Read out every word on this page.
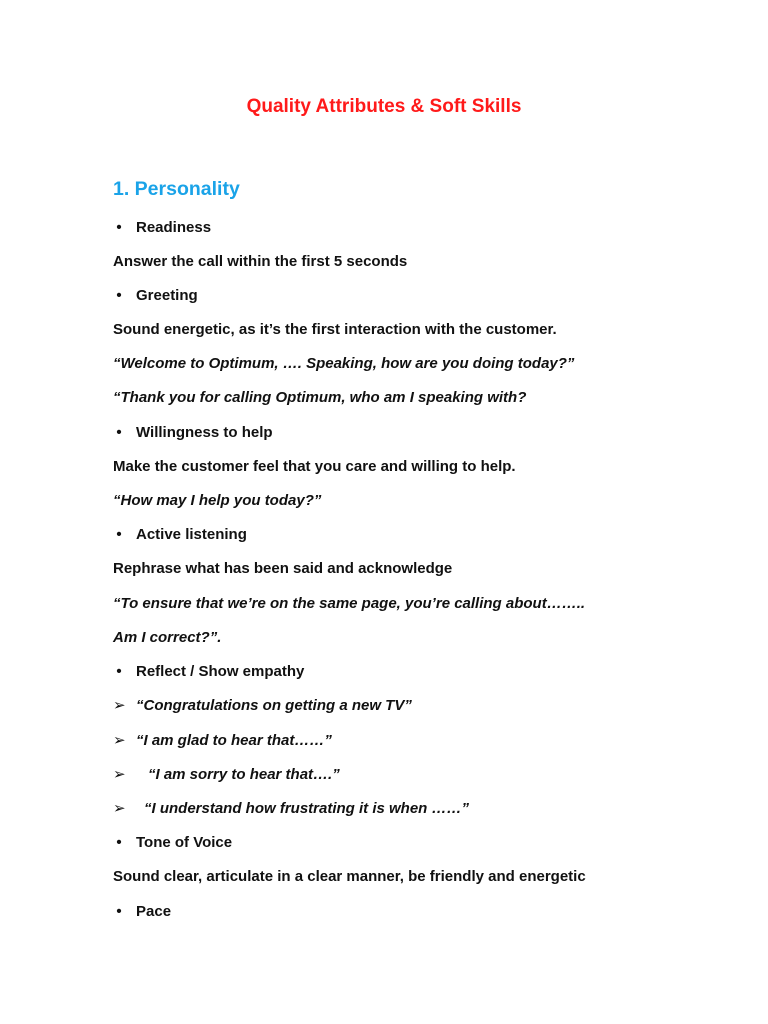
Quality Attributes & Soft Skills
1. Personality
• Readiness
Answer the call within the first 5 seconds
• Greeting
Sound energetic, as it’s the first interaction with the customer.
“Welcome to Optimum, …. Speaking, how are you doing today?”
“Thank you for calling Optimum, who am I speaking with?
• Willingness to help
Make the customer feel that you care and willing to help.
“How may I help you today?”
• Active listening
Rephrase what has been said and acknowledge
“To ensure that we’re on the same page, you’re calling about……..
Am I correct?”.
• Reflect / Show empathy
➢ “Congratulations on getting a new TV”
➢ “I am glad to hear that……”
➢ “I am sorry to hear that….”
➢ “I understand how frustrating it is when ……”
• Tone of Voice
Sound clear, articulate in a clear manner, be friendly and energetic
• Pace
